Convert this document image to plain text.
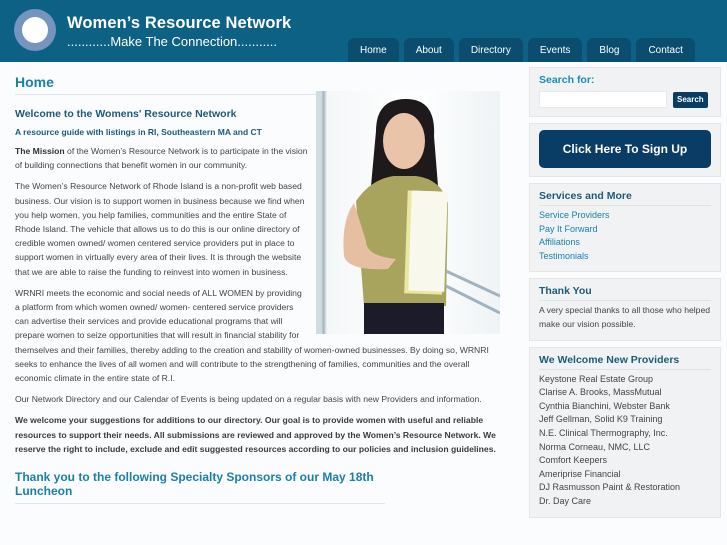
Women’s Resource Network
............Make The Connection...........
Home	About	Directory	Events	Blog	Contact
Home
Welcome to the Womens' Resource Network
A resource guide with listings in RI, Southeastern MA and CT

The Mission of the Women’s Resource Network is to participate in the vision of building connections that benefit women in our community.

The Women’s Resource Network of Rhode Island is a non-profit web based business. Our vision is to support women in business because we find when you help women, you help families, communities and the entire State of Rhode Island. The vehicle that allows us to do this is our online directory of credible women owned/ women centered service providers put in place to support women in virtually every area of their lives. It is through the website that we are able to raise the funding to reinvest into women in business.

WRNRI meets the economic and social needs of ALL WOMEN by providing a platform from which women owned/ women- centered service providers can advertise their services and provide educational programs that will prepare women to seize opportunities that will result in financial stability for themselves and their families, thereby adding to the creation and stability of women-owned businesses. By doing so, WRNRI seeks to enhance the lives of all women and will contribute to the strengthening of families, communities and the overall economic climate in the entire state of R.I.

Our Network Directory and our Calendar of Events is being updated on a regular basis with new Providers and information.

We welcome your suggestions for additions to our directory. Our goal is to provide women with useful and reliable resources to support their needs. All submissions are reviewed and approved by the Women’s Resource Network. We reserve the right to include, exclude and edit suggested resources according to our policies and inclusion guidelines.

Thank you to the following Specialty Sponsors of our May 18th Luncheon
Search for:
Search
Click Here To Sign Up
Services and More
Service Providers
Pay It Forward
Affiliations
Testimonials
Thank You
A very special thanks to all those who helped make our vision possible.
We Welcome New Providers
Keystone Real Estate Group
Clarise A. Brooks, MassMutual
Cynthia Bianchini, Webster Bank
Jeff Gellman, Solid K9 Training
N.E. Clinical Thermography, Inc.
Norma Corneau, NMC, LLC
Comfort Keepers
Ameriprise Financial
DJ Rasmusson Paint & Restoration
Dr. Day Care
